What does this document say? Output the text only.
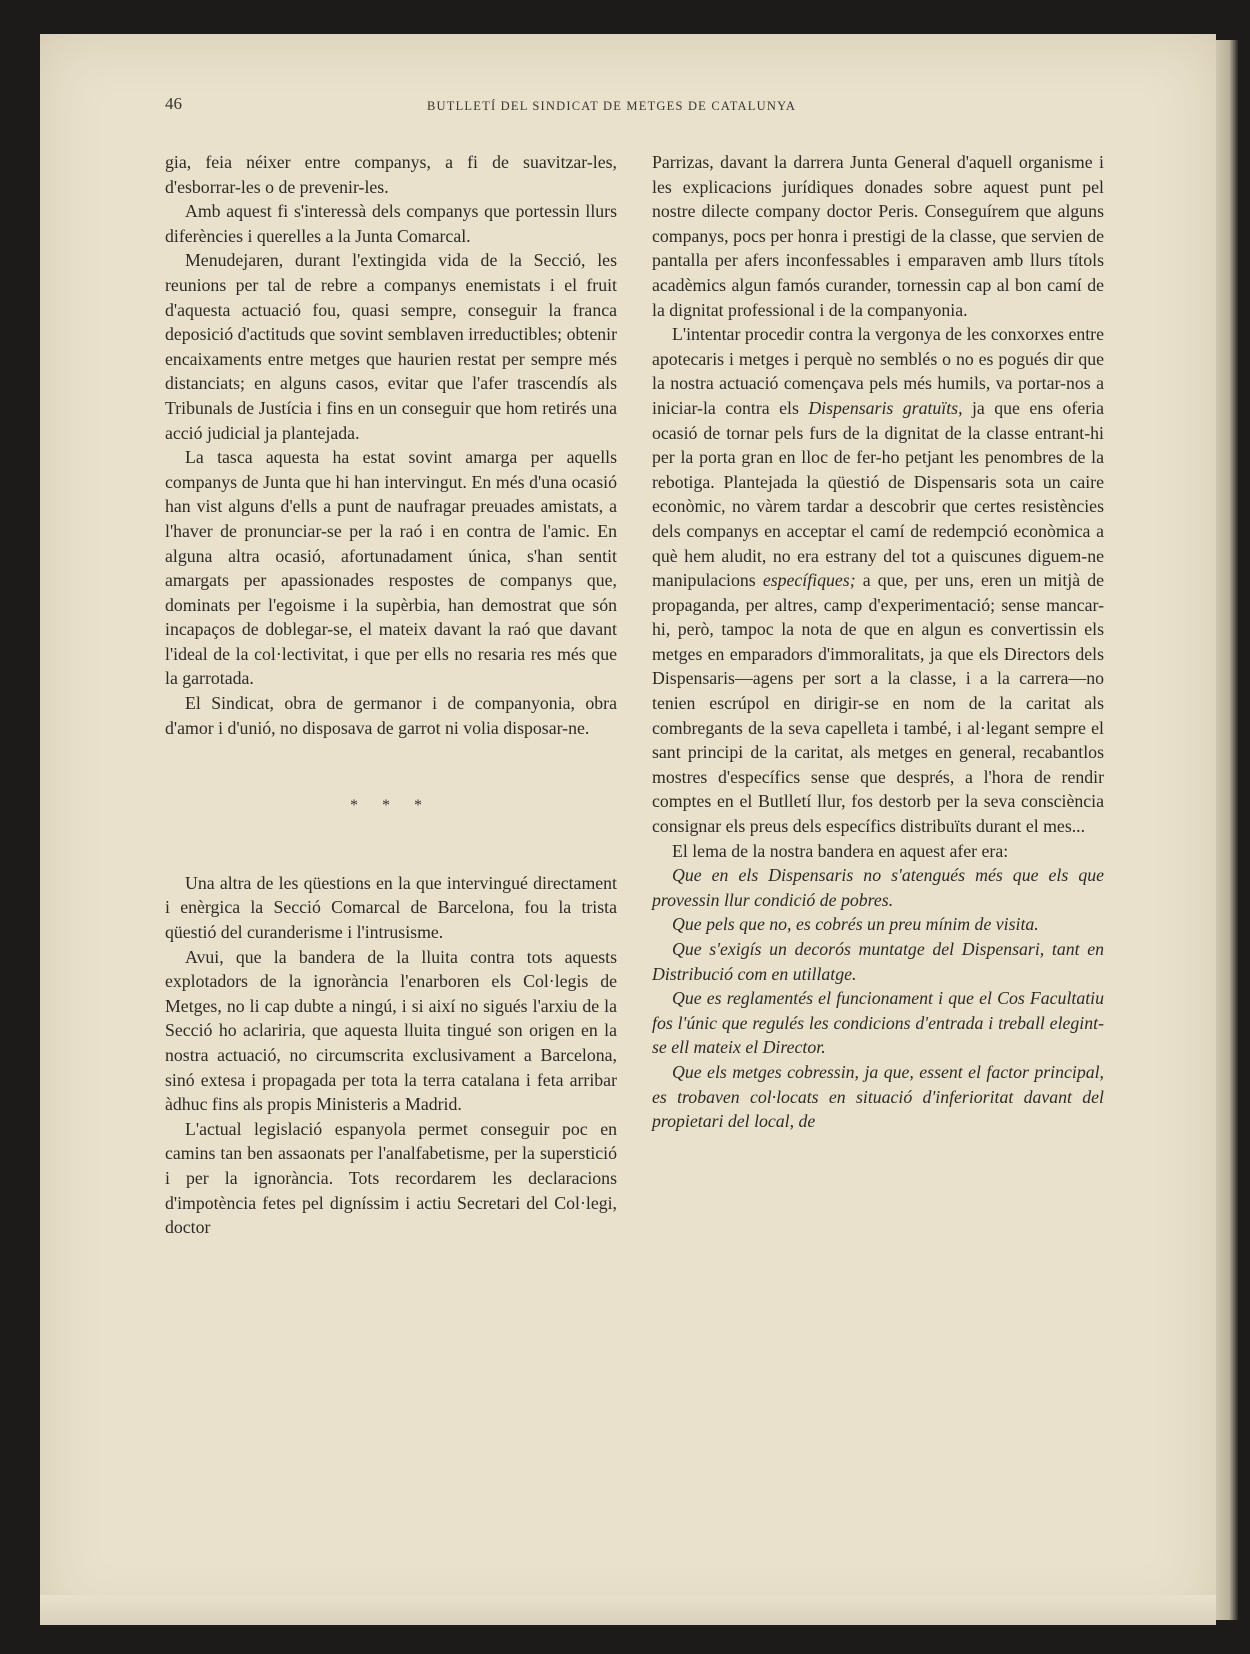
46	BUTLLETÍ DEL SINDICAT DE METGES DE CATALUNYA

gia, feia néixer entre companys, a fi de suavitzar-les, d'esborrar-les o de prevenir-les.

Amb aquest fi s'interessà dels companys que portessin llurs diferències i querelles a la Junta Comarcal.

Menudejaren, durant l'extingida vida de la Secció, les reunions per tal de rebre a companys enemistats i el fruit d'aquesta actuació fou, quasi sempre, conseguir la franca deposició d'actituds que sovint semblaven irreductibles; obtenir encaixaments entre metges que haurien restat per sempre més distanciats; en alguns casos, evitar que l'afer trascendís als Tribunals de Justícia i fins en un conseguir que hom retirés una acció judicial ja plantejada.

La tasca aquesta ha estat sovint amarga per aquells companys de Junta que hi han intervingut. En més d'una ocasió han vist alguns d'ells a punt de naufragar preuades amistats, a l'haver de pronunciar-se per la raó i en contra de l'amic. En alguna altra ocasió, afortunadament única, s'han sentit amargats per apassionades respostes de companys que, dominats per l'egoisme i la supèrbia, han demostrat que són incapaços de doblegar-se, el mateix davant la raó que davant l'ideal de la col·lectivitat, i que per ells no resaria res més que la garrotada.

El Sindicat, obra de germanor i de companyonia, obra d'amor i d'unió, no disposava de garrot ni volia disposar-ne.

* * *

Una altra de les qüestions en la que intervingué directament i enèrgica la Secció Comarcal de Barcelona, fou la trista qüestió del curanderisme i l'intrusisme.

Avui, que la bandera de la lluita contra tots aquests explotadors de la ignorància l'enarboren els Col·legis de Metges, no li cap dubte a ningú, i si així no sigués l'arxiu de la Secció ho aclariria, que aquesta lluita tingué son origen en la nostra actuació, no circumscrita exclusivament a Barcelona, sinó extesa i propagada per tota la terra catalana i feta arribar àdhuc fins als propis Ministeris a Madrid.

L'actual legislació espanyola permet conseguir poc en camins tan ben assaonats per l'analfabetisme, per la superstició i per la ignorància. Tots recordarem les declaracions d'impotència fetes pel digníssim i actiu Secretari del Col·legi, doctor

Parrizas, davant la darrera Junta General d'aquell organisme i les explicacions jurídiques donades sobre aquest punt pel nostre dilecte company doctor Peris. Conseguírem que alguns companys, pocs per honra i prestigi de la classe, que servien de pantalla per afers inconfessables i emparaven amb llurs títols acadèmics algun famós curander, tornessin cap al bon camí de la dignitat professional i de la companyonia.

L'intentar procedir contra la vergonya de les conxorxes entre apotecaris i metges i perquè no semblés o no es pogués dir que la nostra actuació començava pels més humils, va portar-nos a iniciar-la contra els Dispensaris gratuïts, ja que ens oferia ocasió de tornar pels furs de la dignitat de la classe entrant-hi per la porta gran en lloc de fer-ho petjant les penombres de la rebotiga. Plantejada la qüestió de Dispensaris sota un caire econòmic, no vàrem tardar a descobrir que certes resistències dels companys en acceptar el camí de redempció econòmica a què hem aludit, no era estrany del tot a quiscunes diguem-ne manipulacions específiques; a que, per uns, eren un mitjà de propaganda, per altres, camp d'experimentació; sense mancar-hi, però, tampoc la nota de que en algun es convertissin els metges en emparadors d'immoralitats, ja que els Directors dels Dispensaris—agens per sort a la classe, i a la carrera—no tenien escrúpol en dirigir-se en nom de la caritat als combregants de la seva capelleta i també, i al·legant sempre el sant principi de la caritat, als metges en general, recabantlos mostres d'específics sense que després, a l'hora de rendir comptes en el Butlletí llur, fos destorb per la seva consciència consignar els preus dels específics distribuïts durant el mes...

El lema de la nostra bandera en aquest afer era:

Que en els Dispensaris no s'atengués més que els que provessin llur condició de pobres.

Que pels que no, es cobrés un preu mínim de visita.

Que s'exigís un decorós muntatge del Dispensari, tant en Distribució com en utillatge.

Que es reglamentés el funcionament i que el Cos Facultatiu fos l'únic que regulés les condicions d'entrada i treball elegint-se ell mateix el Director.

Que els metges cobressin, ja que, essent el factor principal, es trobaven col·locats en situació d'inferioritat davant del propietari del local, de
